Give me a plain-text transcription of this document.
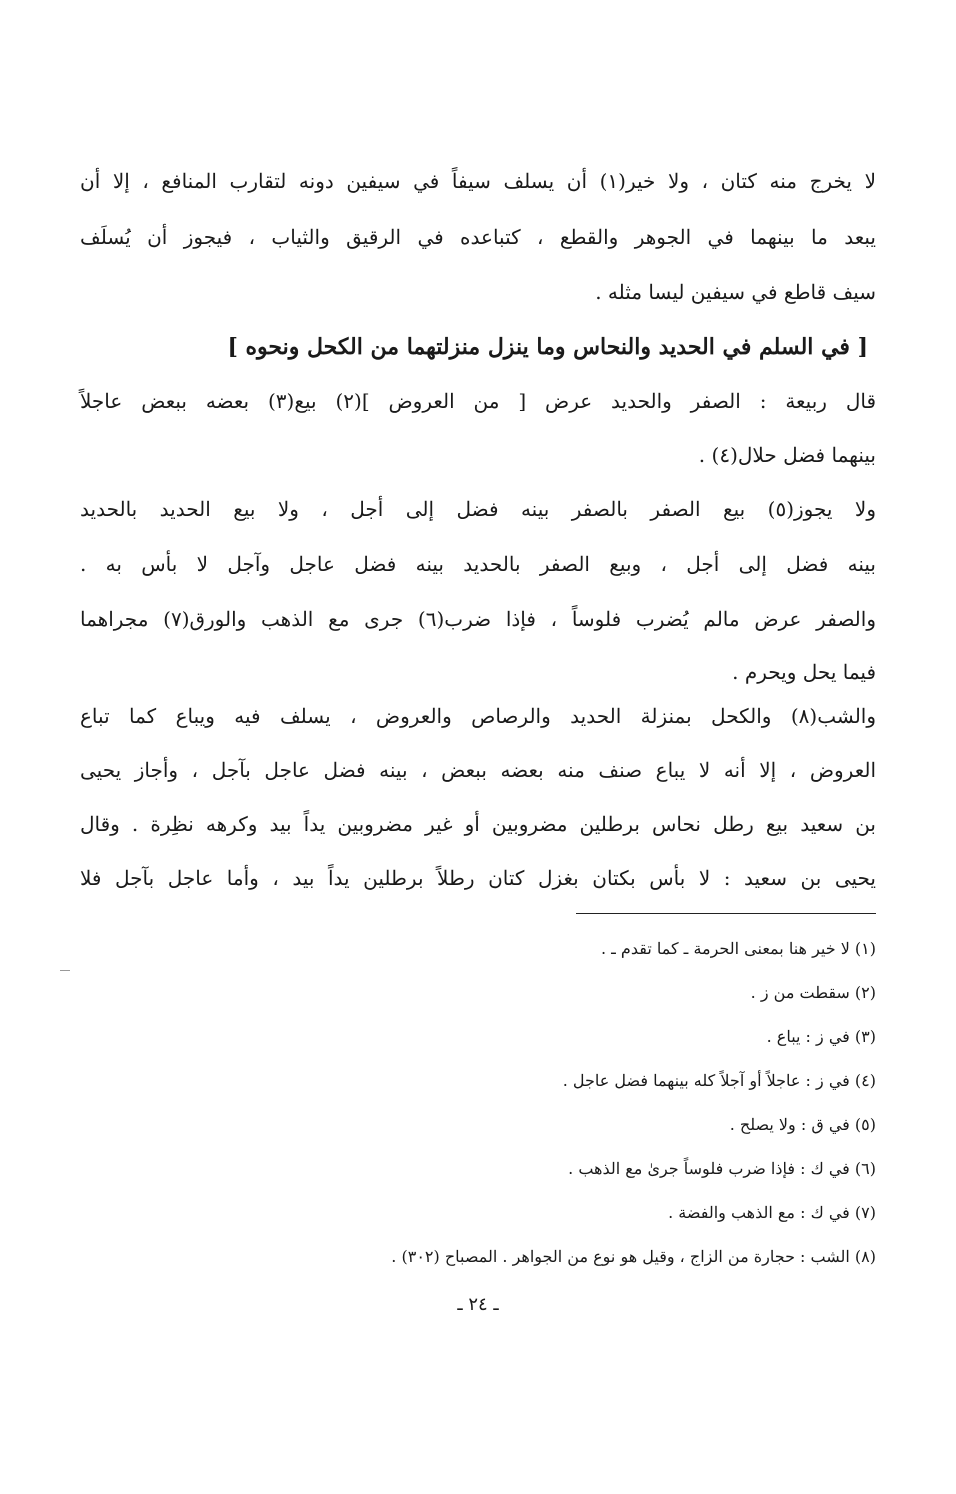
لا يخرج منه كتان ، ولا خير(١) أن يسلف سيفاً في سيفين دونه لتقارب المنافع ، إلا أن
يبعد ما بينهما في الجوهر والقطع ، كتباعده في الرقيق والثياب ، فيجوز أن يُسلَف
سيف قاطع في سيفين ليسا مثله .
[ في السلم في الحديد والنحاس وما ينزل منزلتهما من الكحل ونحوه ]
قال ربيعة : الصفر والحديد عرض [ من العروض ](٢) بيع(٣) بعضه ببعض عاجلاً
بينهما فضل حلال(٤) .
ولا يجوز(٥) بيع الصفر بالصفر بينه فضل إلى أجل ، ولا بيع الحديد بالحديد
بينه فضل إلى أجل ، وبيع الصفر بالحديد بينه فضل عاجل وآجل لا بأس به .
والصفر عرض مالم يُضرب فلوساً ، فإذا ضرب(٦) جرى مع الذهب والورق(٧) مجراهما
فيما يحل ويحرم .
والشب(٨) والكحل بمنزلة الحديد والرصاص والعروض ، يسلف فيه ويباع كما تباع
العروض ، إلا أنه لا يباع صنف منه بعضه ببعض ، بينه فضل عاجل بآجل ، وأجاز يحيى
بن سعيد بيع رطل نحاس برطلين مضروبين أو غير مضروبين يداً بيد وكرهه نظِرة . وقال
يحيى بن سعيد : لا بأس بكتان بغزل كتان رطلاً برطلين يداً بيد ، وأما عاجل بآجل فلا
(١) لا خير هنا بمعنى الحرمة ـ كما تقدم ـ .
(٢) سقطت من ز .
(٣) في ز : يباع .
(٤) في ز : عاجلاً أو آجلاً كله بينهما فضل عاجل .
(٥) في ق : ولا يصلح .
(٦) في ك : فإذا ضرب فلوساً جرىٰ مع الذهب .
(٧) في ك : مع الذهب والفضة .
(٨) الشب : حجارة من الزاج ، وقيل هو نوع من الجواهر . المصباح (٣٠٢) .
ـ ٢٤ ـ
